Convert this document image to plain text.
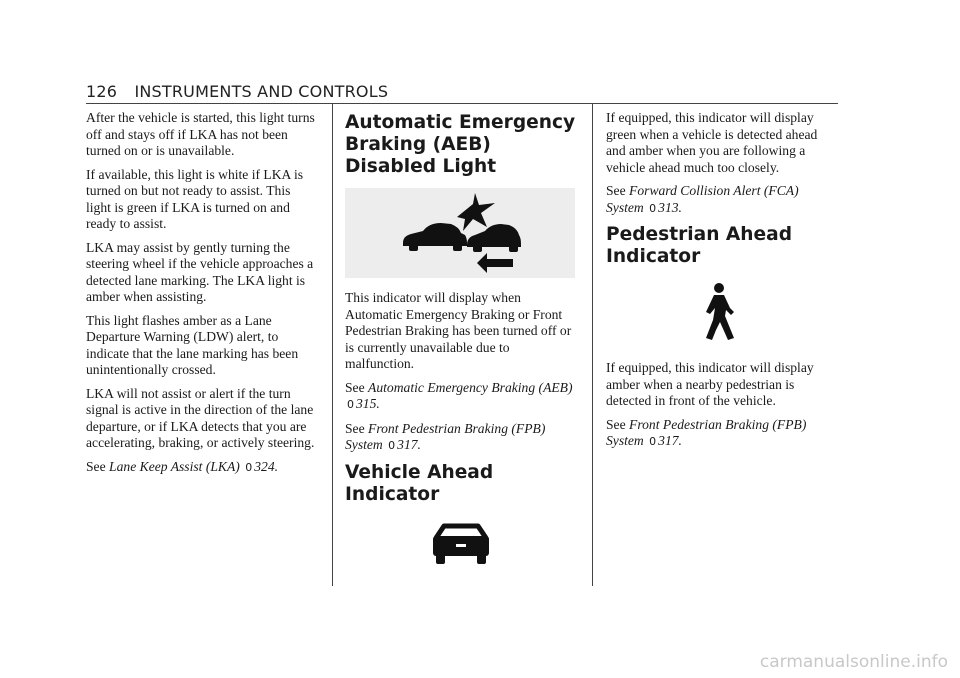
126 INSTRUMENTS AND CONTROLS

After the vehicle is started, this light turns off and stays off if LKA has not been turned on or is unavailable.

If available, this light is white if LKA is turned on but not ready to assist. This light is green if LKA is turned on and ready to assist.

LKA may assist by gently turning the steering wheel if the vehicle approaches a detected lane marking. The LKA light is amber when assisting.

This light flashes amber as a Lane Departure Warning (LDW) alert, to indicate that the lane marking has been unintentionally crossed.

LKA will not assist or alert if the turn signal is active in the direction of the lane departure, or if LKA detects that you are accelerating, braking, or actively steering.

See Lane Keep Assist (LKA) 0 324.

Automatic Emergency Braking (AEB) Disabled Light

This indicator will display when Automatic Emergency Braking or Front Pedestrian Braking has been turned off or is currently unavailable due to malfunction.

See Automatic Emergency Braking (AEB) 0 315.

See Front Pedestrian Braking (FPB) System 0 317.

Vehicle Ahead Indicator

If equipped, this indicator will display green when a vehicle is detected ahead and amber when you are following a vehicle ahead much too closely.

See Forward Collision Alert (FCA) System 0 313.

Pedestrian Ahead Indicator

If equipped, this indicator will display amber when a nearby pedestrian is detected in front of the vehicle.

See Front Pedestrian Braking (FPB) System 0 317.

carmanualsonline.info
